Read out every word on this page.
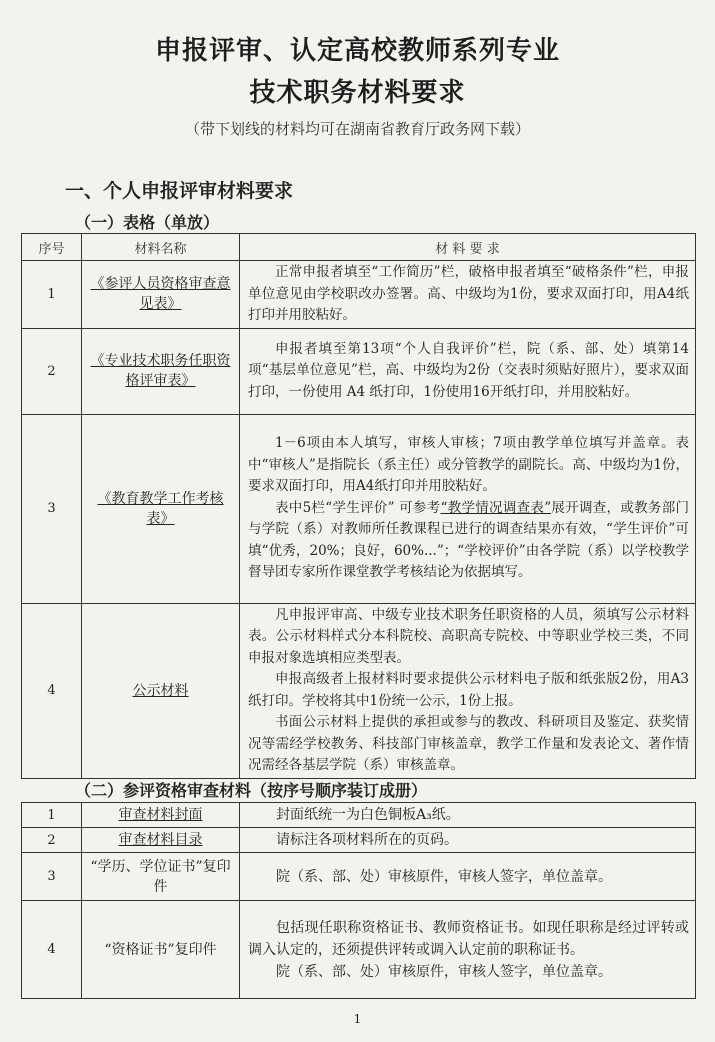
申报评审、认定高校教师系列专业
技术职务材料要求
（带下划线的材料均可在湖南省教育厅政务网下载）
一、个人申报评审材料要求
（一）表格（单放）
序号	材料名称	材 料 要 求
1	《参评人员资格审查意见表》	正常申报者填至“工作简历”栏，破格申报者填至“破格条件”栏，申报单位意见由学校职改办签署。高、中级均为1份，要求双面打印，用A4纸打印并用胶粘好。

2	《专业技术职务任职资格评审表》	申报者填至第13项“个人自我评价”栏，院（系、部、处）填第14项“基层单位意见”栏，高、中级均为2份（交表时须贴好照片），要求双面打印，一份使用 A4 纸打印，1份使用16开纸打印，并用胶粘好。

3	《教育教学工作考核表》	1－6项由本人填写，审核人审核；7项由教学单位填写并盖章。表中“审核人”是指院长（系主任）或分管教学的副院长。高、中级均为1份，要求双面打印，用A4纸打印并用胶粘好。

表中5栏“学生评价” 可参考“教学情况调查表”展开调查，或教务部门与学院（系）对教师所任教课程已进行的调查结果亦有效，“学生评价”可填“优秀，20%；良好，60%...”；“学校评价”由各学院（系）以学校教学督导团专家所作课堂教学考核结论为依据填写。

4	公示材料	凡申报评审高、中级专业技术职务任职资格的人员，须填写公示材料表。公示材料样式分本科院校、高职高专院校、中等职业学校三类，不同申报对象选填相应类型表。

申报高级者上报材料时要求提供公示材料电子版和纸张版2份，用A3纸打印。学校将其中1份统一公示，1份上报。

书面公示材料上提供的承担或参与的教改、科研项目及鉴定、获奖情况等需经学校教务、科技部门审核盖章，教学工作量和发表论文、著作情况需经各基层学院（系）审核盖章。

（二）参评资格审查材料（按序号顺序装订成册）
1	审查材料封面	封面纸统一为白色铜板A₃纸。

2	审查材料目录	请标注各项材料所在的页码。

3	“学历、学位证书”复印件	院（系、部、处）审核原件，审核人签字，单位盖章。

4	“资格证书”复印件	包括现任职称资格证书、教师资格证书。如现任职称是经过评转或调入认定的，还须提供评转或调入认定前的职称证书。

院（系、部、处）审核原件，审核人签字，单位盖章。

1
